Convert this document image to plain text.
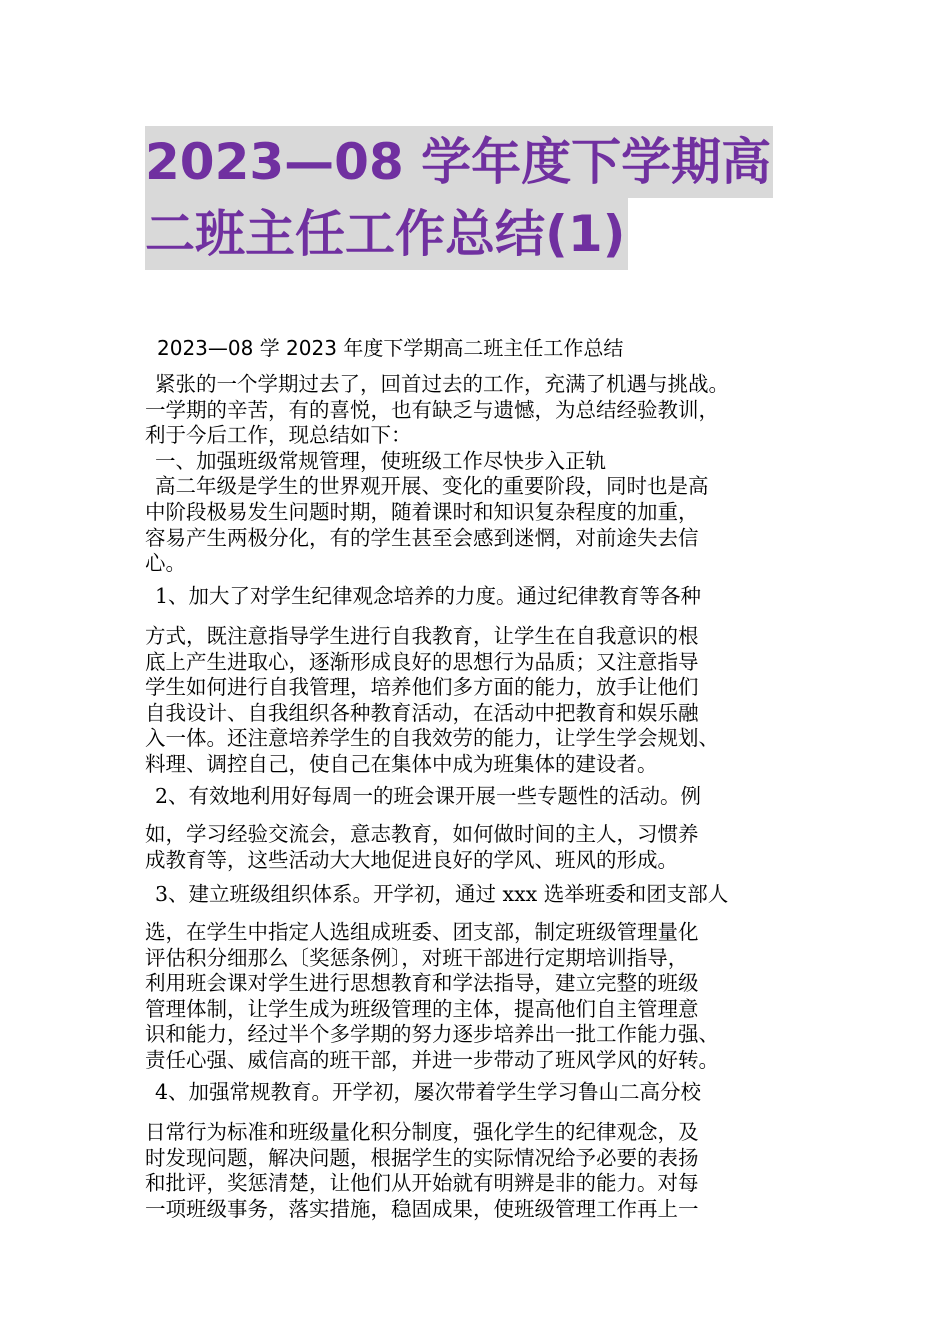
2023—08 学年度下学期高
二班主任工作总结(1)

2023—08 学 2023 年度下学期高二班主任工作总结

紧张的一个学期过去了，回首过去的工作，充满了机遇与挑战。
一学期的辛苦，有的喜悦，也有缺乏与遗憾，为总结经验教训，
利于今后工作，现总结如下：
一、加强班级常规管理，使班级工作尽快步入正轨
高二年级是学生的世界观开展、变化的重要阶段，同时也是高
中阶段极易发生问题时期，随着课时和知识复杂程度的加重，
容易产生两极分化，有的学生甚至会感到迷惘，对前途失去信
心。
1、加大了对学生纪律观念培养的力度。通过纪律教育等各种
方式，既注意指导学生进行自我教育，让学生在自我意识的根
底上产生进取心，逐渐形成良好的思想行为品质；又注意指导
学生如何进行自我管理，培养他们多方面的能力，放手让他们
自我设计、自我组织各种教育活动，在活动中把教育和娱乐融
入一体。还注意培养学生的自我效劳的能力，让学生学会规划、
料理、调控自己，使自己在集体中成为班集体的建设者。
2、有效地利用好每周一的班会课开展一些专题性的活动。例
如，学习经验交流会，意志教育，如何做时间的主人，习惯养
成教育等，这些活动大大地促进良好的学风、班风的形成。
3、建立班级组织体系。开学初，通过 xxx 选举班委和团支部人
选，在学生中指定人选组成班委、团支部，制定班级管理量化
评估积分细那么〔奖惩条例〕，对班干部进行定期培训指导，
利用班会课对学生进行思想教育和学法指导，建立完整的班级
管理体制，让学生成为班级管理的主体，提高他们自主管理意
识和能力，经过半个多学期的努力逐步培养出一批工作能力强、
责任心强、威信高的班干部，并进一步带动了班风学风的好转。
4、加强常规教育。开学初，屡次带着学生学习鲁山二高分校
日常行为标准和班级量化积分制度，强化学生的纪律观念，及
时发现问题，解决问题，根据学生的实际情况给予必要的表扬
和批评，奖惩清楚，让他们从开始就有明辨是非的能力。对每
一项班级事务，落实措施，稳固成果，使班级管理工作再上一
